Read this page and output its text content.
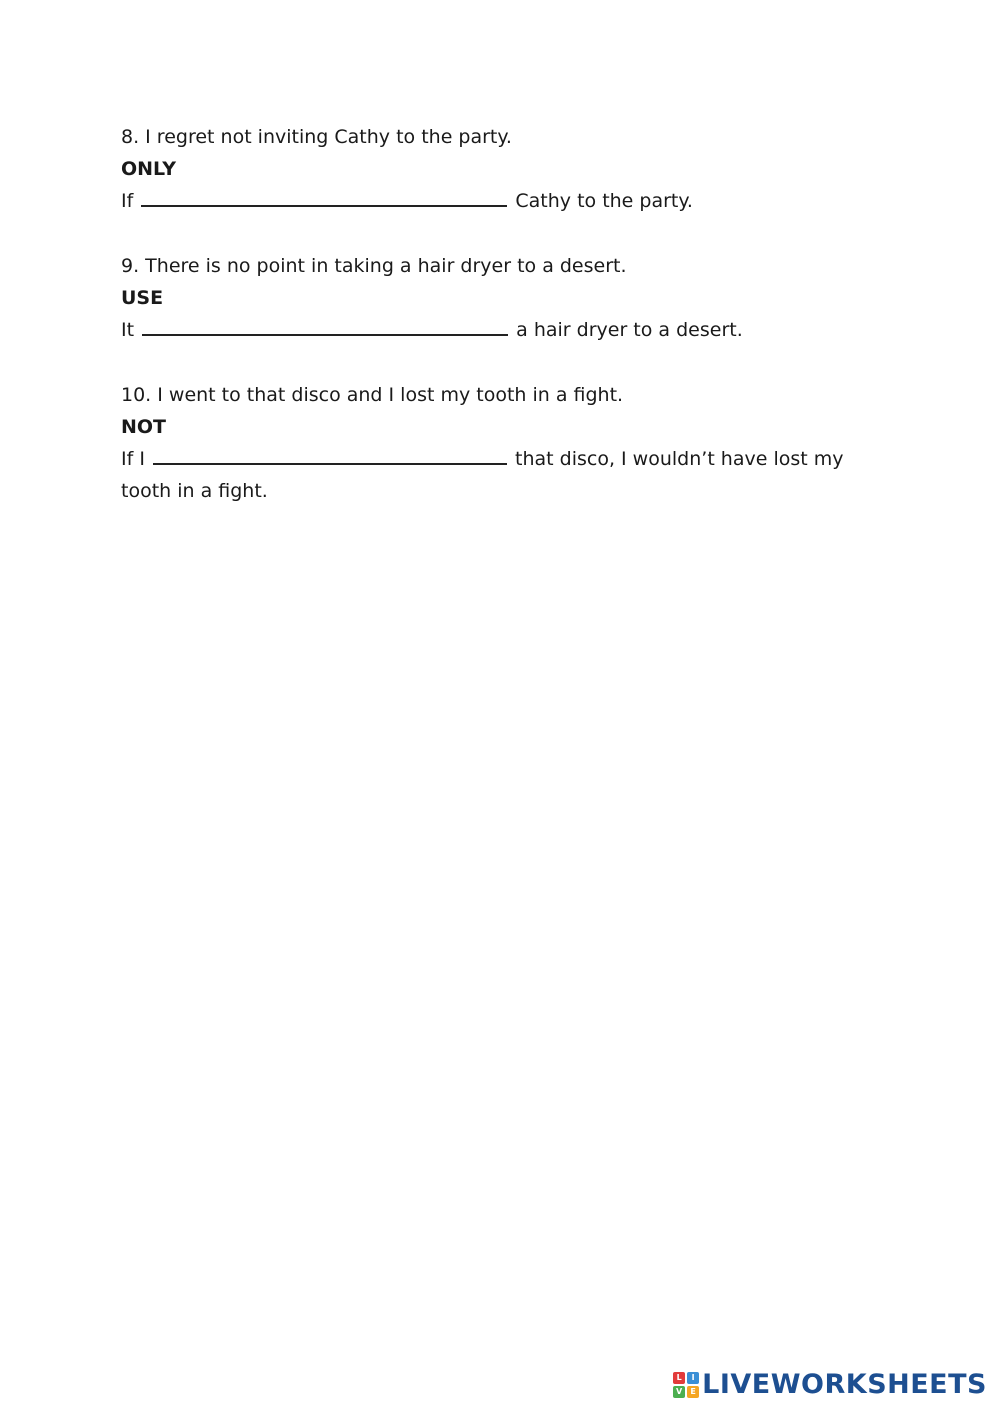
8. I regret not inviting Cathy to the party.
ONLY
If	Cathy to the party.
9. There is no point in taking a hair dryer to a desert.
USE
It	a hair dryer to a desert.
10. I went to that disco and I lost my tooth in a fight.
NOT
If I	that disco, I wouldn’t have lost my tooth in a fight.
L	I
V	E LIVEWORKSHEETS
